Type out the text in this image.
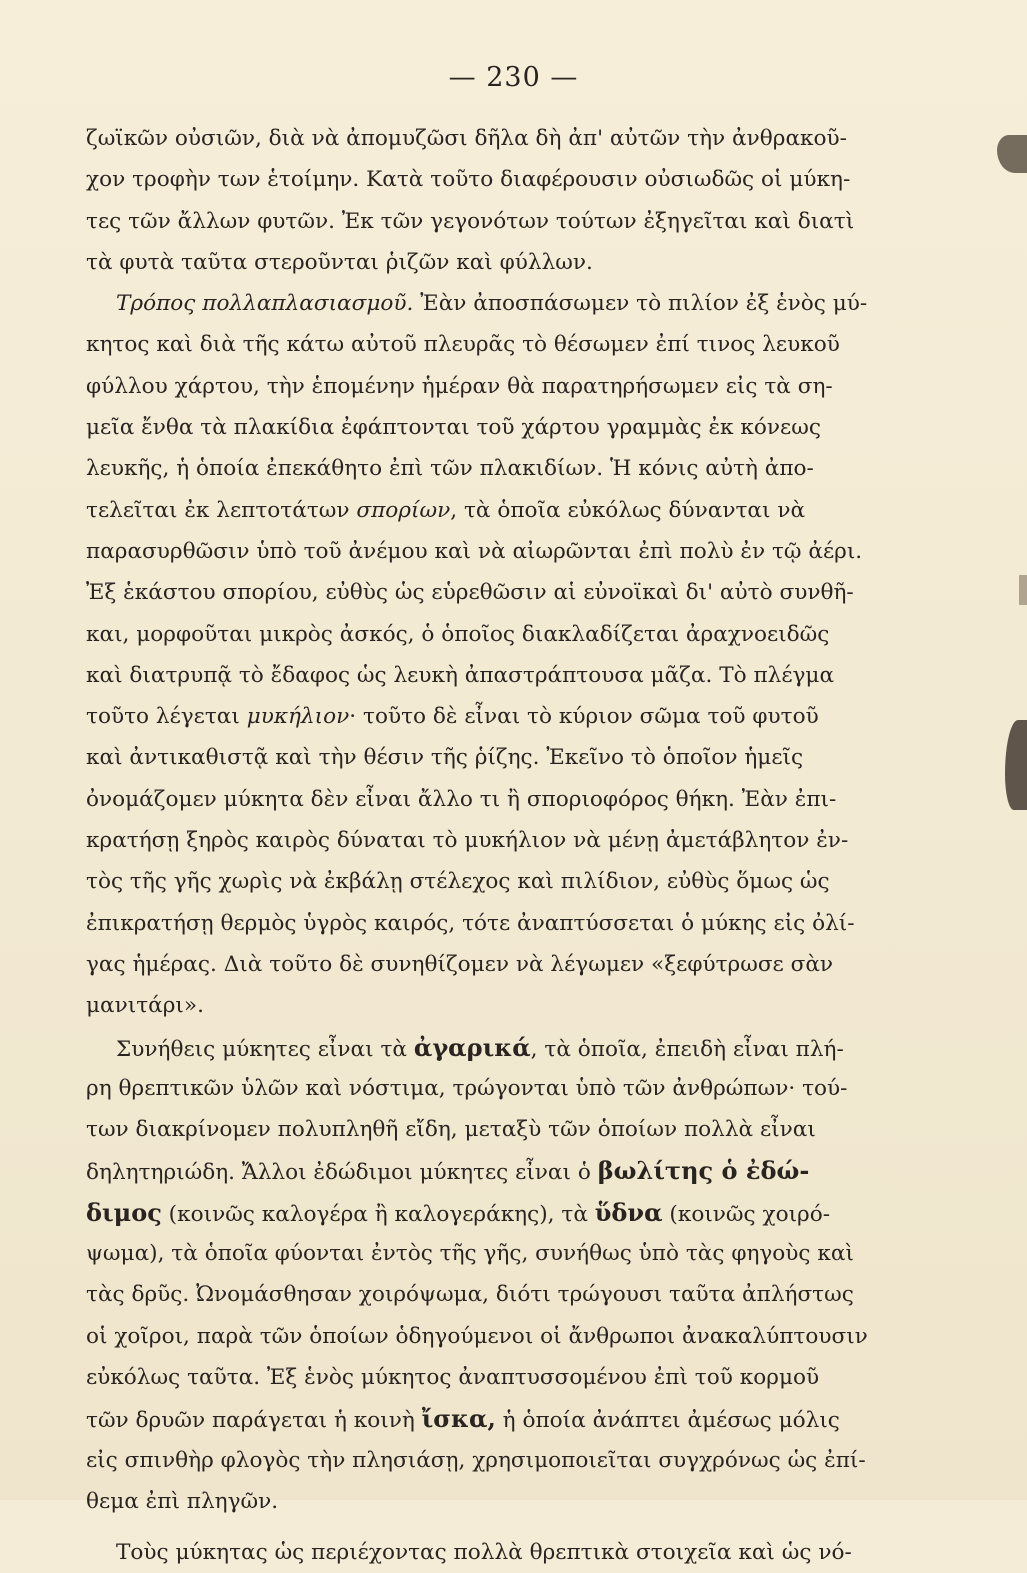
— 230 —
ζωϊκῶν οὐσιῶν, διὰ νὰ ἀπομυζῶσι δῆλα δὴ ἀπ' αὐτῶν τὴν ἀνθρακοῦ-
χον τροφὴν των ἑτοίμην. Κατὰ τοῦτο διαφέρουσιν οὐσιωδῶς οἱ μύκη-
τες τῶν ἄλλων φυτῶν. Ἐκ τῶν γεγονότων τούτων ἐξηγεῖται καὶ διατὶ
τὰ φυτὰ ταῦτα στεροῦνται ῥιζῶν καὶ φύλλων.
Τρόπος πολλαπλασιασμοῦ. Ἐὰν ἀποσπάσωμεν τὸ πιλίον ἐξ ἑνὸς μύ-
κητος καὶ διὰ τῆς κάτω αὐτοῦ πλευρᾶς τὸ θέσωμεν ἐπί τινος λευκοῦ
φύλλου χάρτου, τὴν ἑπομένην ἡμέραν θὰ παρατηρήσωμεν εἰς τὰ ση-
μεῖα ἔνθα τὰ πλακίδια ἐφάπτονται τοῦ χάρτου γραμμὰς ἐκ κόνεως
λευκῆς, ἡ ὁποία ἐπεκάθητο ἐπὶ τῶν πλακιδίων. Ἡ κόνις αὐτὴ ἀπο-
τελεῖται ἐκ λεπτοτάτων σπορίων, τὰ ὁποῖα εὐκόλως δύνανται νὰ
παρασυρθῶσιν ὑπὸ τοῦ ἀνέμου καὶ νὰ αἰωρῶνται ἐπὶ πολὺ ἐν τῷ ἀέρι.
Ἐξ ἑκάστου σπορίου, εὐθὺς ὡς εὑρεθῶσιν αἱ εὐνοϊκαὶ δι' αὐτὸ συνθῆ-
και, μορφοῦται μικρὸς ἀσκός, ὁ ὁποῖος διακλαδίζεται ἀραχνοειδῶς
καὶ διατρυπᾷ τὸ ἔδαφος ὡς λευκὴ ἀπαστράπτουσα μᾶζα. Τὸ πλέγμα
τοῦτο λέγεται μυκήλιον· τοῦτο δὲ εἶναι τὸ κύριον σῶμα τοῦ φυτοῦ
καὶ ἀντικαθιστᾷ καὶ τὴν θέσιν τῆς ῥίζης. Ἐκεῖνο τὸ ὁποῖον ἡμεῖς
ὀνομάζομεν μύκητα δὲν εἶναι ἄλλο τι ἢ σποριοφόρος θήκη. Ἐὰν ἐπι-
κρατήσῃ ξηρὸς καιρὸς δύναται τὸ μυκήλιον νὰ μένῃ ἀμετάβλητον ἐν-
τὸς τῆς γῆς χωρὶς νὰ ἐκβάλῃ στέλεχος καὶ πιλίδιον, εὐθὺς ὅμως ὡς
ἐπικρατήσῃ θερμὸς ὑγρὸς καιρός, τότε ἀναπτύσσεται ὁ μύκης εἰς ὀλί-
γας ἡμέρας. Διὰ τοῦτο δὲ συνηθίζομεν νὰ λέγωμεν «ξεφύτρωσε σὰν
μανιτάρι».
Συνήθεις μύκητες εἶναι τὰ ἀγαρικά, τὰ ὁποῖα, ἐπειδὴ εἶναι πλή-
ρη θρεπτικῶν ὑλῶν καὶ νόστιμα, τρώγονται ὑπὸ τῶν ἀνθρώπων· τού-
των διακρίνομεν πολυπληθῆ εἴδη, μεταξὺ τῶν ὁποίων πολλὰ εἶναι
δηλητηριώδη. Ἄλλοι ἐδώδιμοι μύκητες εἶναι ὁ βωλίτης ὁ ἐδώ-
διμος (κοινῶς καλογέρα ἢ καλογεράκης), τὰ ὕδνα (κοινῶς χοιρό-
ψωμα), τὰ ὁποῖα φύονται ἐντὸς τῆς γῆς, συνήθως ὑπὸ τὰς φηγοὺς καὶ
τὰς δρῦς. Ὠνομάσθησαν χοιρόψωμα, διότι τρώγουσι ταῦτα ἀπλήστως
οἱ χοῖροι, παρὰ τῶν ὁποίων ὁδηγούμενοι οἱ ἄνθρωποι ἀνακαλύπτουσιν
εὐκόλως ταῦτα. Ἐξ ἑνὸς μύκητος ἀναπτυσσομένου ἐπὶ τοῦ κορμοῦ
τῶν δρυῶν παράγεται ἡ κοινὴ ἴσκα, ἡ ὁποία ἀνάπτει ἀμέσως μόλις
εἰς σπινθὴρ φλογὸς τὴν πλησιάσῃ, χρησιμοποιεῖται συγχρόνως ὡς ἐπί-
θεμα ἐπὶ πληγῶν.
Τοὺς μύκητας ὡς περιέχοντας πολλὰ θρεπτικὰ στοιχεῖα καὶ ὡς νό-
